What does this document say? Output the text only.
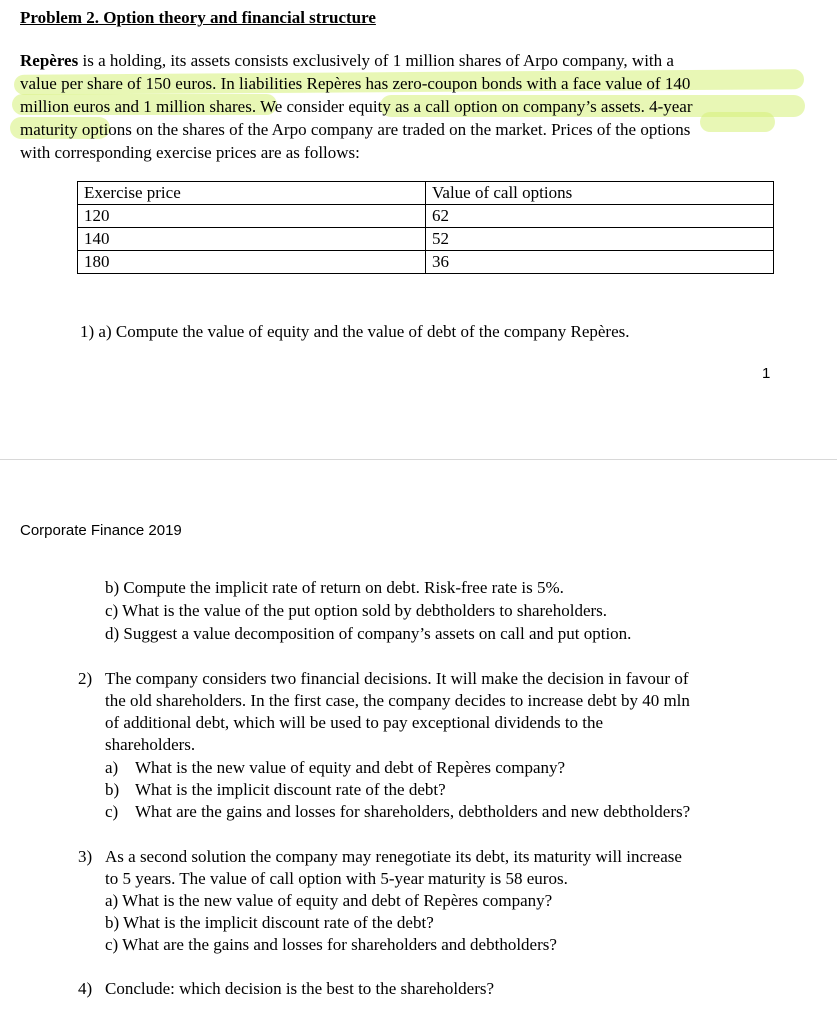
Problem 2. Option theory and financial structure
Repères is a holding, its assets consists exclusively of 1 million shares of Arpo company, with a
value per share of 150 euros. In liabilities Repères has zero-coupon bonds with a face value of 140
million euros and 1 million shares. We consider equity as a call option on company’s assets. 4-year
maturity options on the shares of the Arpo company are traded on the market. Prices of the options
with corresponding exercise prices are as follows:
Exercise price	Value of call options
120	62
140	52
180	36
1) a) Compute the value of equity and the value of debt of the company Repères.
1
Corporate Finance 2019
b) Compute the implicit rate of return on debt. Risk-free rate is 5%.
c) What is the value of the put option sold by debtholders to shareholders.
d) Suggest a value decomposition of company’s assets on call and put option.
2) The company considers two financial decisions. It will make the decision in favour of
the old shareholders. In the first case, the company decides to increase debt by 40 mln
of additional debt, which will be used to pay exceptional dividends to the
shareholders.
a) What is the new value of equity and debt of Repères company?
b) What is the implicit discount rate of the debt?
c) What are the gains and losses for shareholders, debtholders and new debtholders?
3) As a second solution the company may renegotiate its debt, its maturity will increase
to 5 years. The value of call option with 5-year maturity is 58 euros.
a) What is the new value of equity and debt of Repères company?
b) What is the implicit discount rate of the debt?
c) What are the gains and losses for shareholders and debtholders?
4) Conclude: which decision is the best to the shareholders?
